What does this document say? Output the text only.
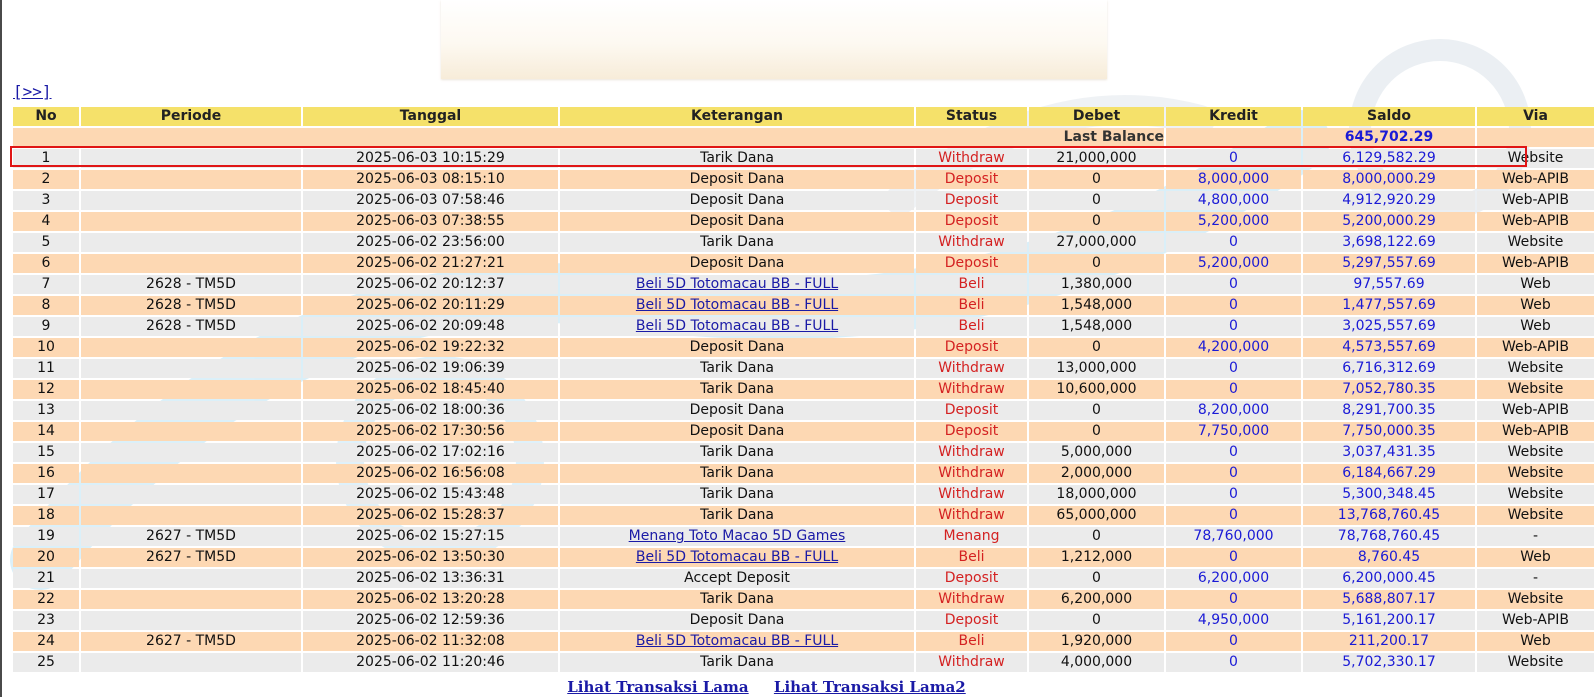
[>>]
No	Periode	Tanggal	Keterangan	Status	Debet	Kredit	Saldo	Via
Last Balance							645,702.29	
1		2025-06-03 10:15:29	Tarik Dana	Withdraw	21,000,000	0	6,129,582.29	Website
2		2025-06-03 08:15:10	Deposit Dana	Deposit	0	8,000,000	8,000,000.29	Web-APIB
3		2025-06-03 07:58:46	Deposit Dana	Deposit	0	4,800,000	4,912,920.29	Web-APIB
4		2025-06-03 07:38:55	Deposit Dana	Deposit	0	5,200,000	5,200,000.29	Web-APIB
5		2025-06-02 23:56:00	Tarik Dana	Withdraw	27,000,000	0	3,698,122.69	Website
6		2025-06-02 21:27:21	Deposit Dana	Deposit	0	5,200,000	5,297,557.69	Web-APIB
7	2628 - TM5D	2025-06-02 20:12:37	Beli 5D Totomacau BB - FULL	Beli	1,380,000	0	97,557.69	Web
8	2628 - TM5D	2025-06-02 20:11:29	Beli 5D Totomacau BB - FULL	Beli	1,548,000	0	1,477,557.69	Web
9	2628 - TM5D	2025-06-02 20:09:48	Beli 5D Totomacau BB - FULL	Beli	1,548,000	0	3,025,557.69	Web
10		2025-06-02 19:22:32	Deposit Dana	Deposit	0	4,200,000	4,573,557.69	Web-APIB
11		2025-06-02 19:06:39	Tarik Dana	Withdraw	13,000,000	0	6,716,312.69	Website
12		2025-06-02 18:45:40	Tarik Dana	Withdraw	10,600,000	0	7,052,780.35	Website
13		2025-06-02 18:00:36	Deposit Dana	Deposit	0	8,200,000	8,291,700.35	Web-APIB
14		2025-06-02 17:30:56	Deposit Dana	Deposit	0	7,750,000	7,750,000.35	Web-APIB
15		2025-06-02 17:02:16	Tarik Dana	Withdraw	5,000,000	0	3,037,431.35	Website
16		2025-06-02 16:56:08	Tarik Dana	Withdraw	2,000,000	0	6,184,667.29	Website
17		2025-06-02 15:43:48	Tarik Dana	Withdraw	18,000,000	0	5,300,348.45	Website
18		2025-06-02 15:28:37	Tarik Dana	Withdraw	65,000,000	0	13,768,760.45	Website
19	2627 - TM5D	2025-06-02 15:27:15	Menang Toto Macao 5D Games	Menang	0	78,760,000	78,768,760.45	-
20	2627 - TM5D	2025-06-02 13:50:30	Beli 5D Totomacau BB - FULL	Beli	1,212,000	0	8,760.45	Web
21		2025-06-02 13:36:31	Accept Deposit	Deposit	0	6,200,000	6,200,000.45	-
22		2025-06-02 13:20:28	Tarik Dana	Withdraw	6,200,000	0	5,688,807.17	Website
23		2025-06-02 12:59:36	Deposit Dana	Deposit	0	4,950,000	5,161,200.17	Web-APIB
24	2627 - TM5D	2025-06-02 11:32:08	Beli 5D Totomacau BB - FULL	Beli	1,920,000	0	211,200.17	Web
25		2025-06-02 11:20:46	Tarik Dana	Withdraw	4,000,000	0	5,702,330.17	Website
Lihat Transaksi Lama Lihat Transaksi Lama2
